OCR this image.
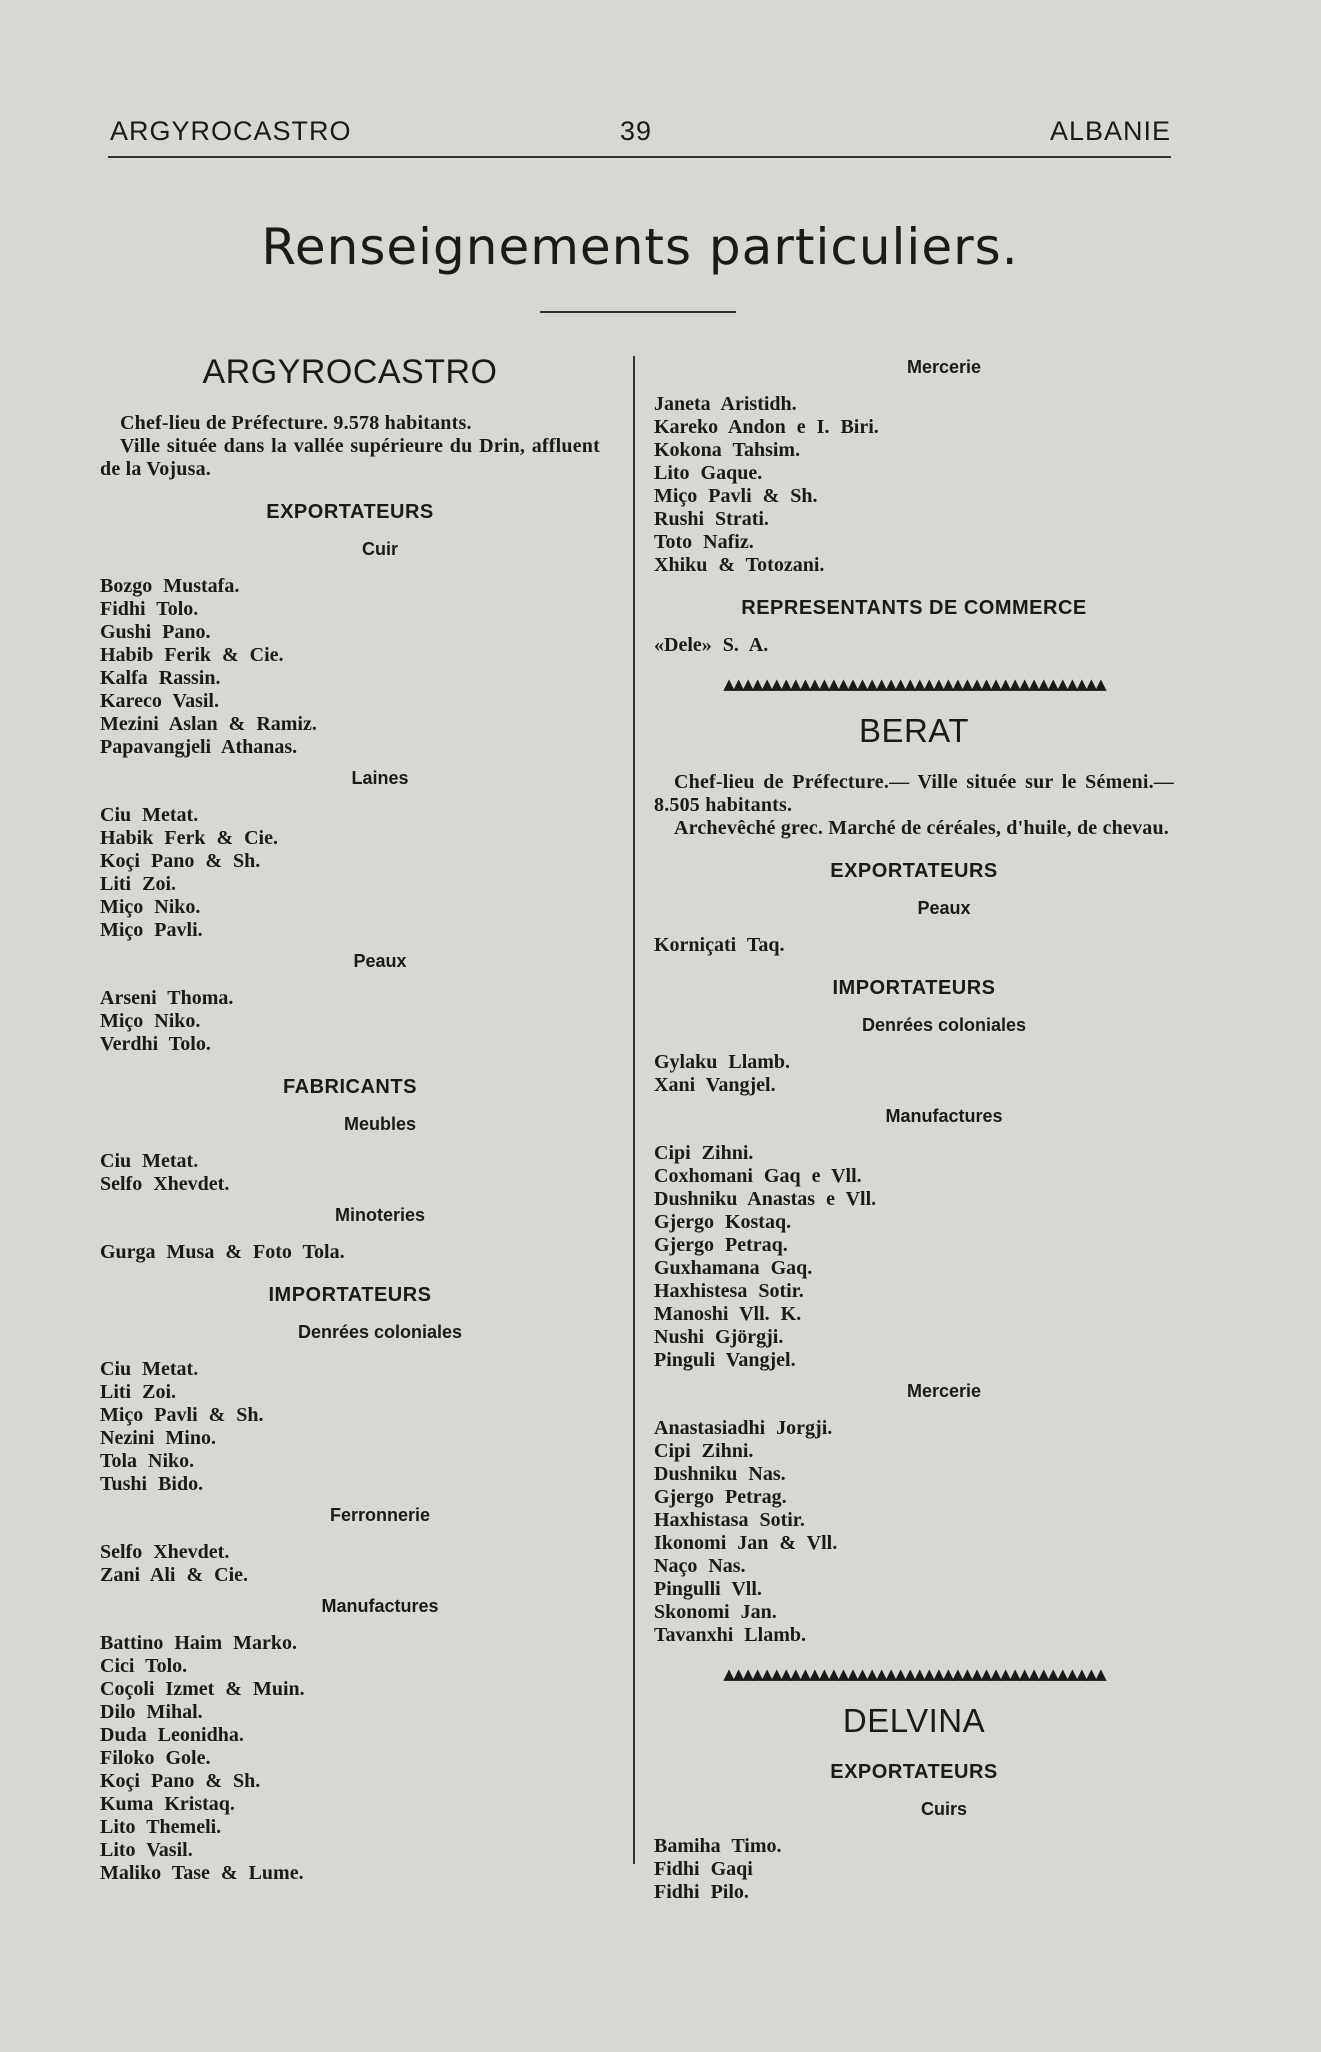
ARGYROCASTRO	39	ALBANIE
Renseignements particuliers.
ARGYROCASTRO

Chef-lieu de Préfecture. 9.578 habitants.

Ville située dans la vallée supérieure du Drin, affluent de la Vojusa.

EXPORTATEURS
Cuir
Bozgo Mustafa.
Fidhi Tolo.
Gushi Pano.
Habib Ferik & Cie.
Kalfa Rassin.
Kareco Vasil.
Mezini Aslan & Ramiz.
Papavangjeli Athanas.
Laines
Ciu Metat.
Habik Ferk & Cie.
Koçi Pano & Sh.
Liti Zoi.
Miço Niko.
Miço Pavli.
Peaux
Arseni Thoma.
Miço Niko.
Verdhi Tolo.
FABRICANTS
Meubles
Ciu Metat.
Selfo Xhevdet.
Minoteries
Gurga Musa & Foto Tola.
IMPORTATEURS
Denrées coloniales
Ciu Metat.
Liti Zoi.
Miço Pavli & Sh.
Nezini Mino.
Tola Niko.
Tushi Bido.
Ferronnerie
Selfo Xhevdet.
Zani Ali & Cie.
Manufactures
Battino Haim Marko.
Cici Tolo.
Coçoli Izmet & Muin.
Dilo Mihal.
Duda Leonidha.
Filoko Gole.
Koçi Pano & Sh.
Kuma Kristaq.
Lito Themeli.
Lito Vasil.
Maliko Tase & Lume.
Mercerie
Janeta Aristidh.
Kareko Andon e I. Biri.
Kokona Tahsim.
Lito Gaque.
Miço Pavli & Sh.
Rushi Strati.
Toto Nafiz.
Xhiku & Totozani.
REPRESENTANTS DE COMMERCE
«Dele» S. A.
▲▲▲▲▲▲▲▲▲▲▲▲▲▲▲▲▲▲▲▲▲▲▲▲▲▲▲▲▲▲▲▲▲▲▲▲▲▲▲▲
BERAT

Chef-lieu de Préfecture.— Ville située sur le Sémeni.—8.505 habitants.

Archevêché grec. Marché de céréales, d'huile, de chevau.

EXPORTATEURS
Peaux
Korniçati Taq.
IMPORTATEURS
Denrées coloniales
Gylaku Llamb.
Xani Vangjel.
Manufactures
Cipi Zihni.
Coxhomani Gaq e Vll.
Dushniku Anastas e Vll.
Gjergo Kostaq.
Gjergo Petraq.
Guxhamana Gaq.
Haxhistesa Sotir.
Manoshi Vll. K.
Nushi Gjörgji.
Pinguli Vangjel.
Mercerie
Anastasiadhi Jorgji.
Cipi Zihni.
Dushniku Nas.
Gjergo Petrag.
Haxhistasa Sotir.
Ikonomi Jan & Vll.
Naço Nas.
Pingulli Vll.
Skonomi Jan.
Tavanxhi Llamb.
▲▲▲▲▲▲▲▲▲▲▲▲▲▲▲▲▲▲▲▲▲▲▲▲▲▲▲▲▲▲▲▲▲▲▲▲▲▲▲▲
DELVINA
EXPORTATEURS
Cuirs
Bamiha Timo.
Fidhi Gaqi
Fidhi Pilo.
